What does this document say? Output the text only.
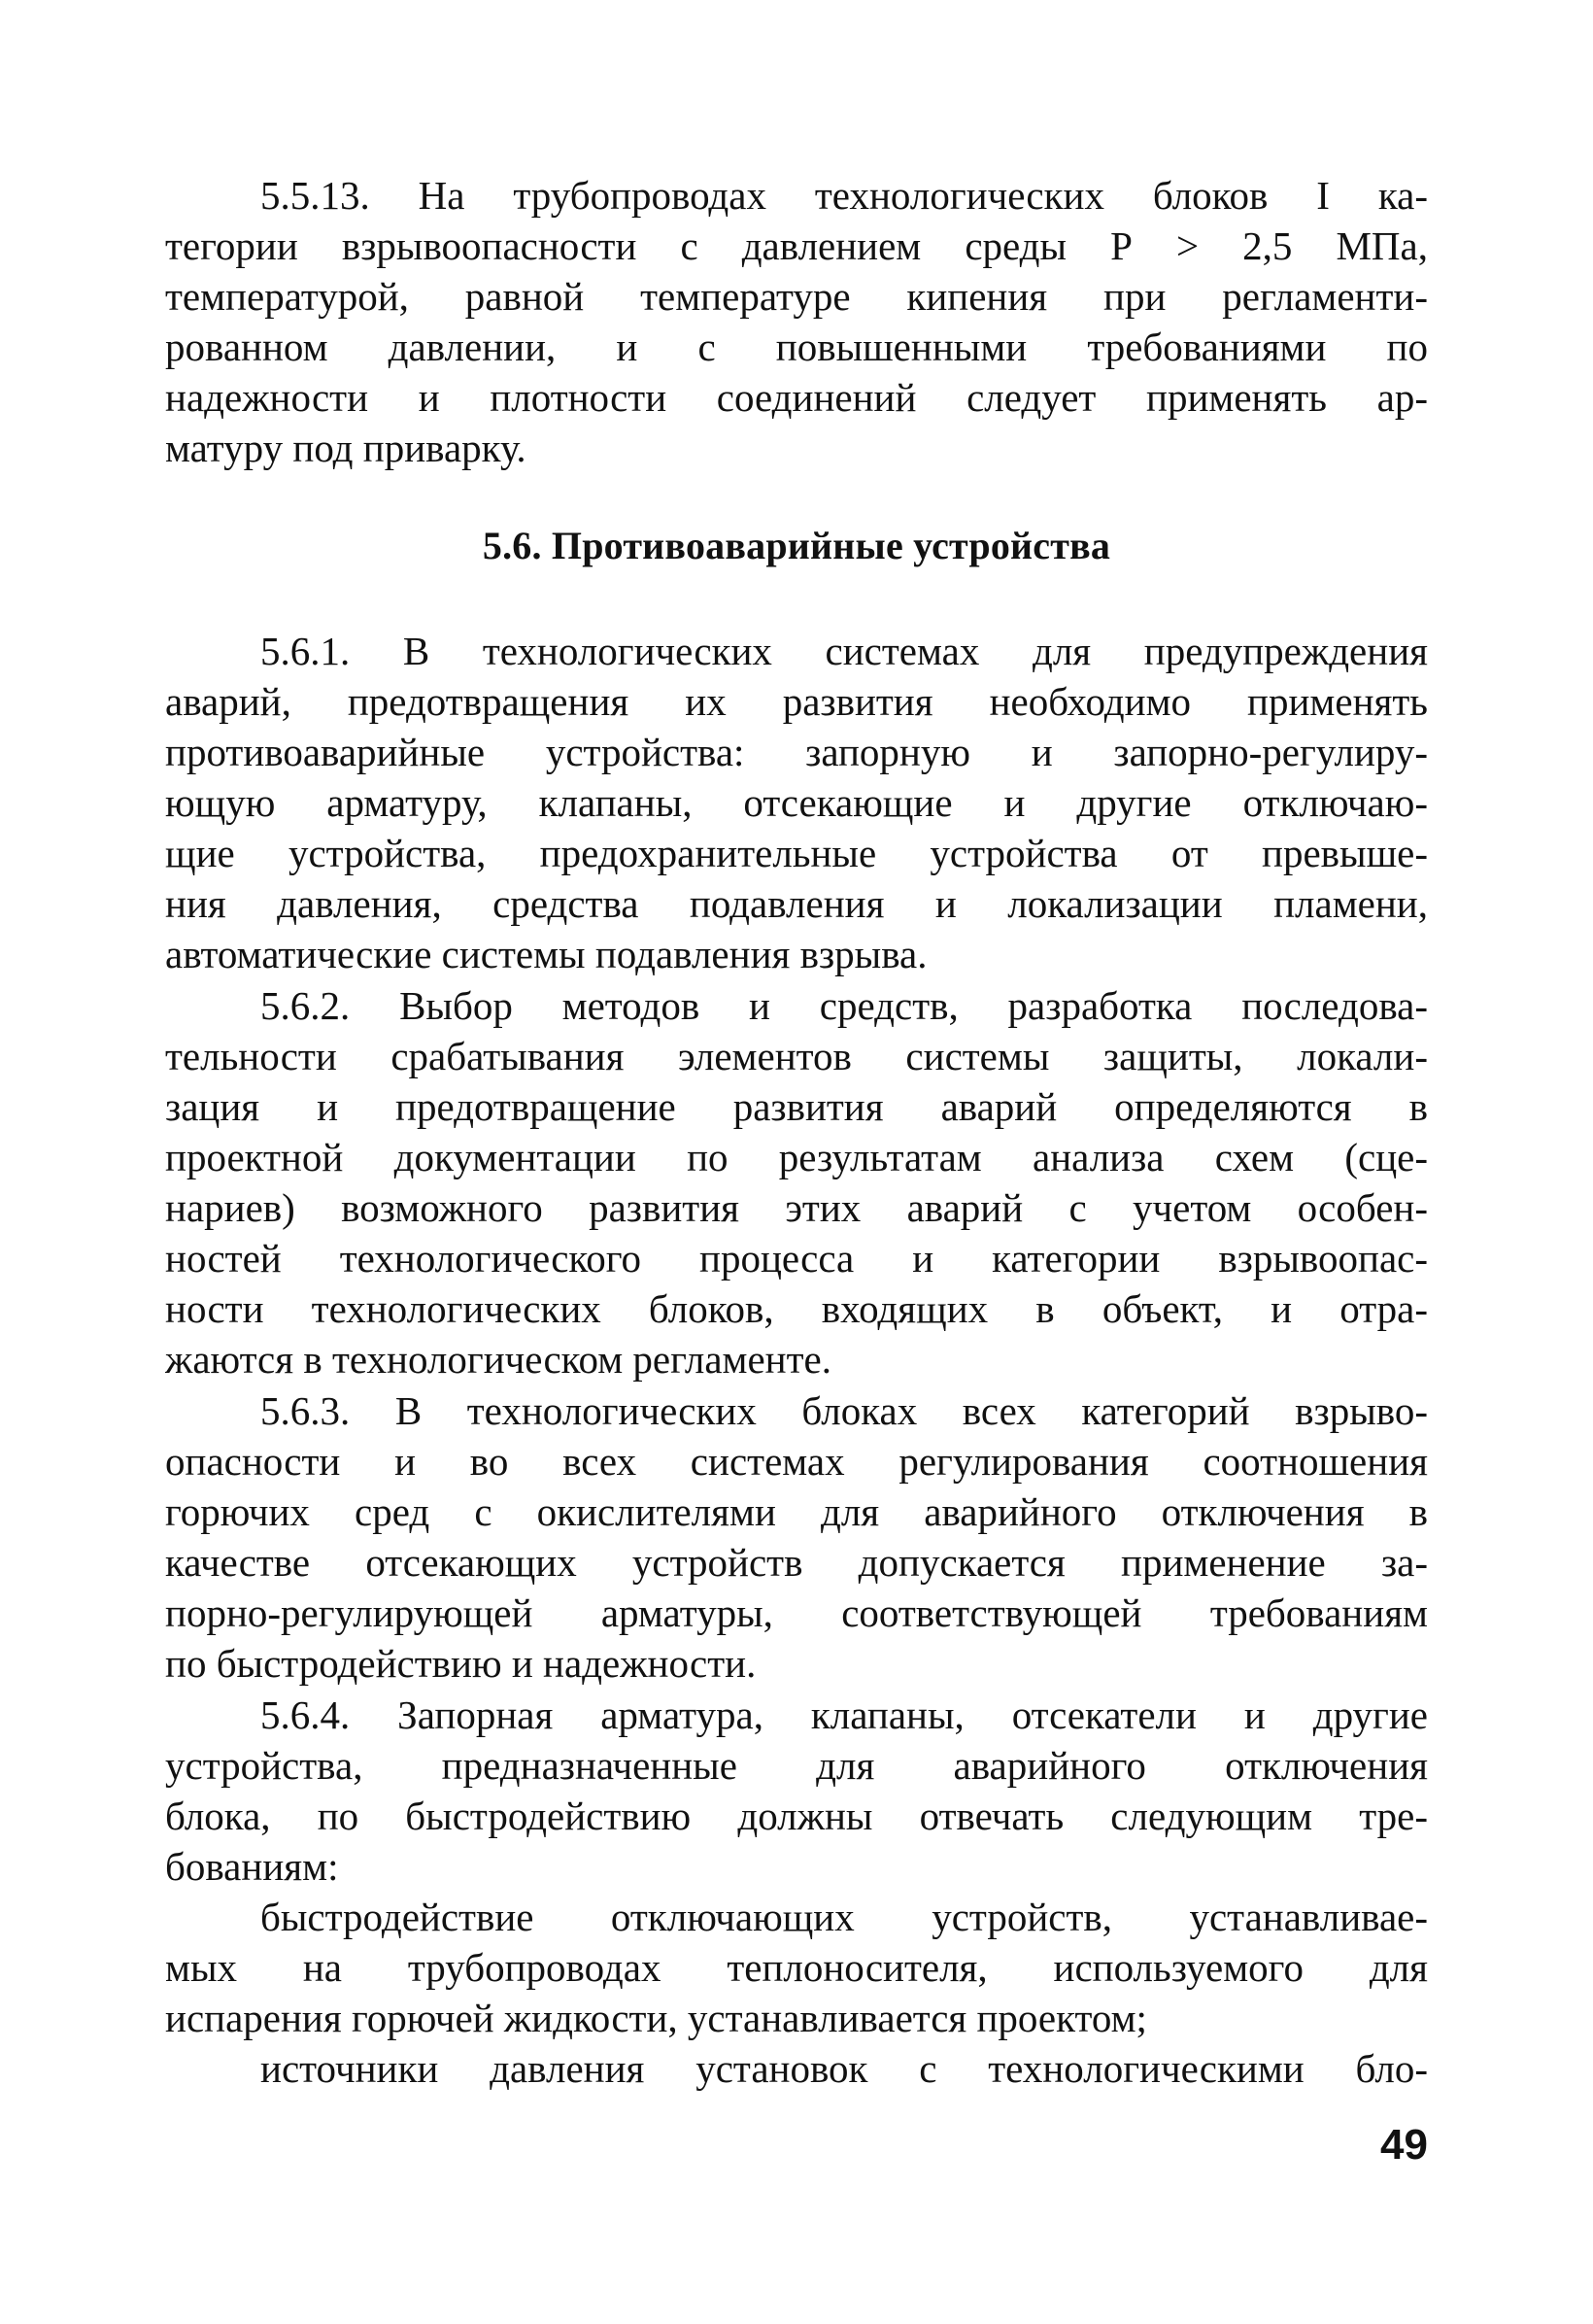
5.5.13. На трубопроводах технологических блоков I ка-
тегории взрывоопасности с давлением среды Р > 2,5 МПа,
температурой, равной температуре кипения при регламенти-
рованном давлении, и с повышенными требованиями по
надежности и плотности соединений следует применять ар-
матуру под приварку.
5.6. Противоаварийные устройства
5.6.1. В технологических системах для предупреждения
аварий, предотвращения их развития необходимо применять
противоаварийные устройства: запорную и запорно-регулиру-
ющую арматуру, клапаны, отсекающие и другие отключаю-
щие устройства, предохранительные устройства от превыше-
ния давления, средства подавления и локализации пламени,
автоматические системы подавления взрыва.
5.6.2. Выбор методов и средств, разработка последова-
тельности срабатывания элементов системы защиты, локали-
зация и предотвращение развития аварий определяются в
проектной документации по результатам анализа схем (сце-
нариев) возможного развития этих аварий с учетом особен-
ностей технологического процесса и категории взрывоопас-
ности технологических блоков, входящих в объект, и отра-
жаются в технологическом регламенте.
5.6.3. В технологических блоках всех категорий взрыво-
опасности и во всех системах регулирования соотношения
горючих сред с окислителями для аварийного отключения в
качестве отсекающих устройств допускается применение за-
порно-регулирующей арматуры, соответствующей требованиям
по быстродействию и надежности.
5.6.4. Запорная арматура, клапаны, отсекатели и другие
устройства, предназначенные для аварийного отключения
блока, по быстродействию должны отвечать следующим тре-
бованиям:
быстродействие отключающих устройств, устанавливае-
мых на трубопроводах теплоносителя, используемого для
испарения горючей жидкости, устанавливается проектом;
источники давления установок с технологическими бло-
49
